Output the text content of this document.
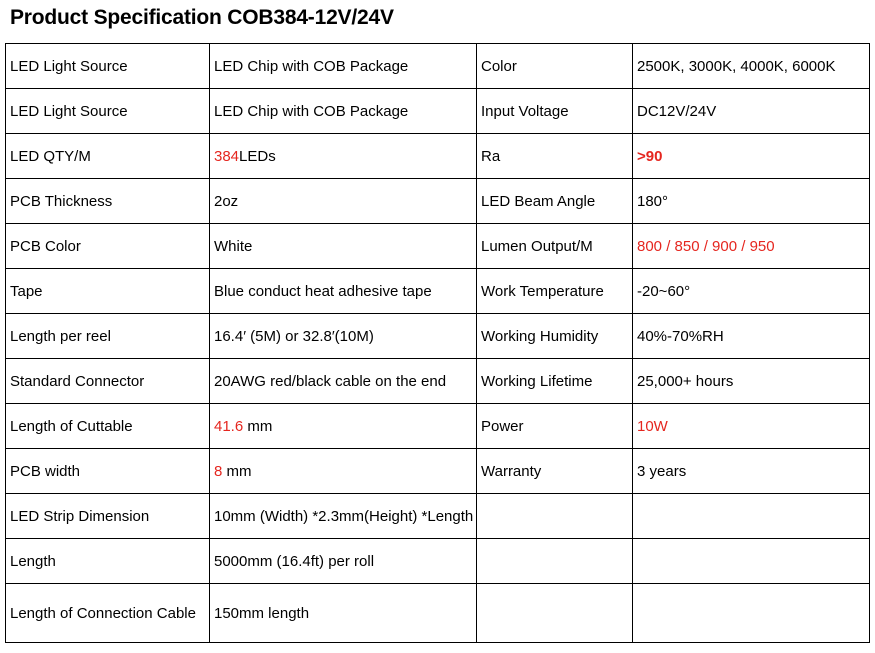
Product Specification COB384-12V/24V
LED Light Source	LED Chip with COB Package	Color	2500K, 3000K, 4000K, 6000K
LED Light Source	LED Chip with COB Package	Input Voltage	DC12V/24V
LED QTY/M	384LEDs	Ra	>90
PCB Thickness	2oz	LED Beam Angle	180°
PCB Color	White	Lumen Output/M	800 / 850 / 900 / 950
Tape	Blue conduct heat adhesive tape	Work Temperature	-20~60°
Length per reel	16.4′ (5M) or 32.8′(10M)	Working Humidity	40%-70%RH
Standard Connector	20AWG red/black cable on the end	Working Lifetime	25,000+ hours
Length of Cuttable	41.6 mm	Power	10W
PCB width	8 mm	Warranty	3 years
LED Strip Dimension	10mm (Width) *2.3mm(Height) *Length		
Length	5000mm (16.4ft) per roll		
Length of Connection Cable	150mm length		
